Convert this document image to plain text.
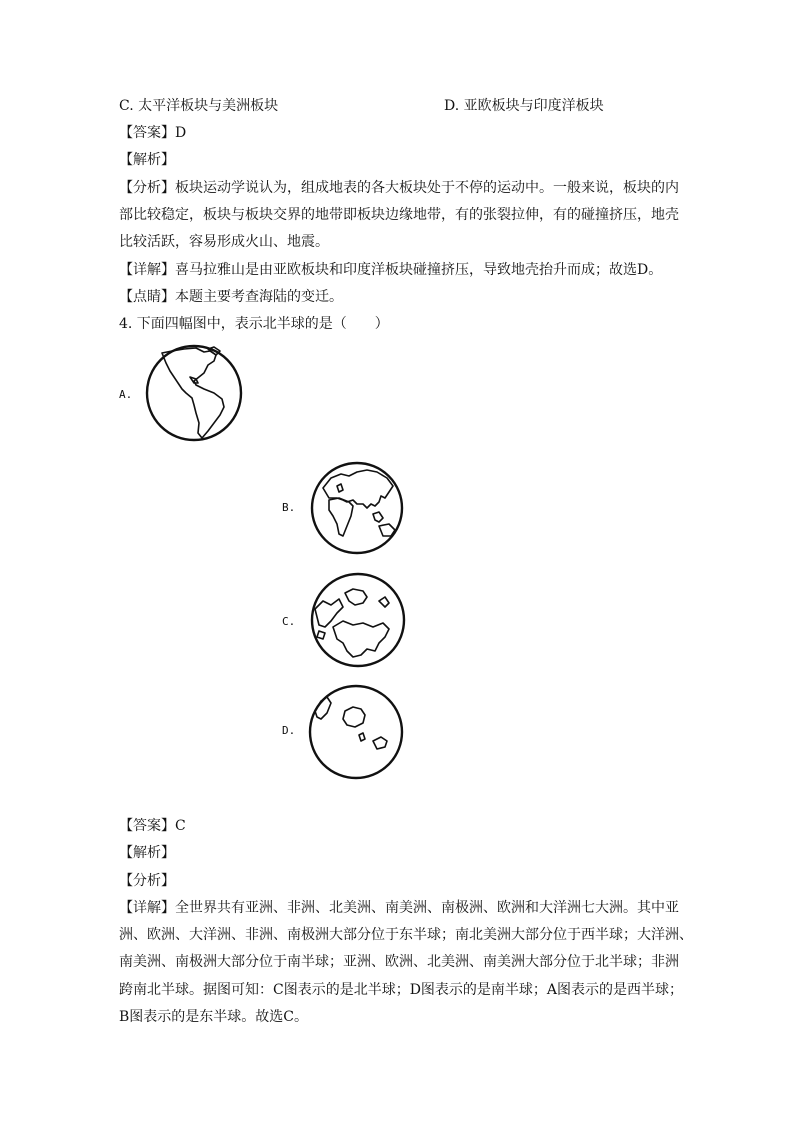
C. 太平洋板块与美洲板块	D. 亚欧板块与印度洋板块
【答案】D
【解析】
【分析】板块运动学说认为，组成地表的各大板块处于不停的运动中。一般来说，板块的内
部比较稳定，板块与板块交界的地带即板块边缘地带，有的张裂拉伸，有的碰撞挤压，地壳
比较活跃，容易形成火山、地震。
【详解】喜马拉雅山是由亚欧板块和印度洋板块碰撞挤压，导致地壳抬升而成；故选D。
【点睛】本题主要考查海陆的变迁。
4. 下面四幅图中，表示北半球的是（　　）
A.
B.
C.
D.
【答案】C
【解析】
【分析】
【详解】全世界共有亚洲、非洲、北美洲、南美洲、南极洲、欧洲和大洋洲七大洲。其中亚
洲、欧洲、大洋洲、非洲、南极洲大部分位于东半球；南北美洲大部分位于西半球；大洋洲、
南美洲、南极洲大部分位于南半球；亚洲、欧洲、北美洲、南美洲大部分位于北半球；非洲
跨南北半球。据图可知：C图表示的是北半球；D图表示的是南半球；A图表示的是西半球；
B图表示的是东半球。故选C。
